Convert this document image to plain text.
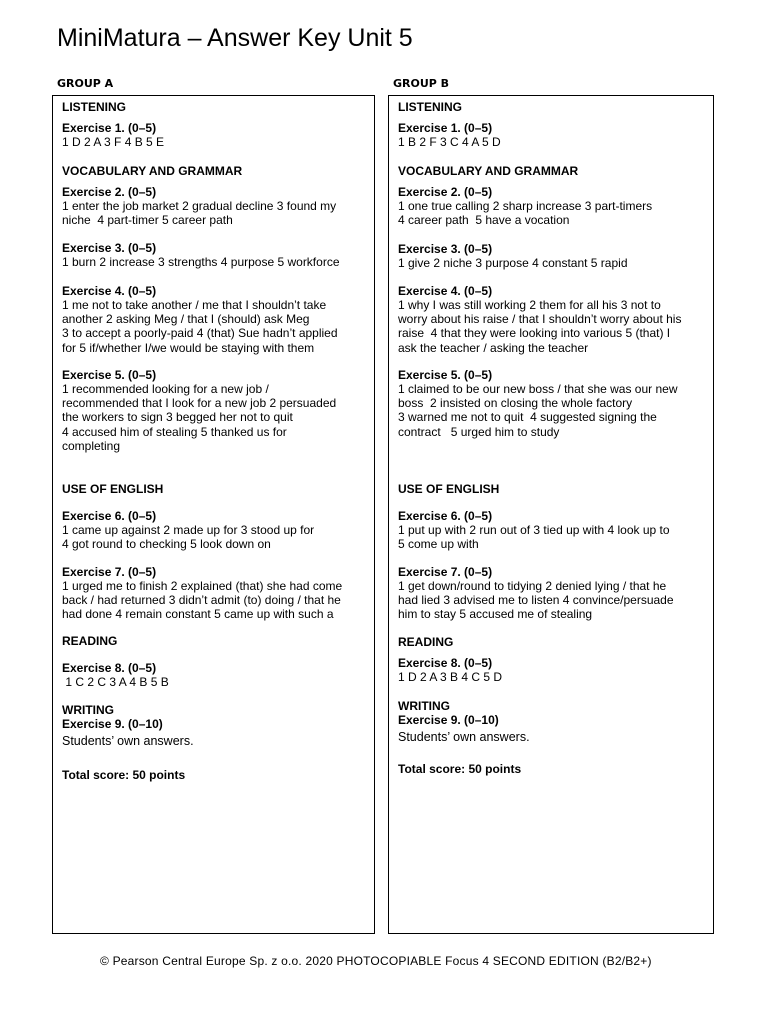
MiniMatura – Answer Key Unit 5
GROUP A	GROUP B
LISTENING
Exercise 1. (0–5)
1 D 2 A 3 F 4 B 5 E
VOCABULARY AND GRAMMAR
Exercise 2. (0–5)
1 enter the job market 2 gradual decline 3 found my
niche  4 part-timer 5 career path
Exercise 3. (0–5)
1 burn 2 increase 3 strengths 4 purpose 5 workforce
Exercise 4. (0–5)
1 me not to take another / me that I shouldn’t take
another 2 asking Meg / that I (should) ask Meg
3 to accept a poorly-paid 4 (that) Sue hadn’t applied
for 5 if/whether I/we would be staying with them
Exercise 5. (0–5)
1 recommended looking for a new job /
recommended that I look for a new job 2 persuaded
the workers to sign 3 begged her not to quit
4 accused him of stealing 5 thanked us for
completing
USE OF ENGLISH
Exercise 6. (0–5)
1 came up against 2 made up for 3 stood up for
4 got round to checking 5 look down on
Exercise 7. (0–5)
1 urged me to finish 2 explained (that) she had come
back / had returned 3 didn’t admit (to) doing / that he
had done 4 remain constant 5 came up with such a
READING
Exercise 8. (0–5)
1 C 2 C 3 A 4 B 5 B
WRITING
Exercise 9. (0–10)
Students’ own answers.
Total score: 50 points
LISTENING
Exercise 1. (0–5)
1 B 2 F 3 C 4 A 5 D
VOCABULARY AND GRAMMAR
Exercise 2. (0–5)
1 one true calling 2 sharp increase 3 part-timers
4 career path  5 have a vocation
Exercise 3. (0–5)
1 give 2 niche 3 purpose 4 constant 5 rapid
Exercise 4. (0–5)
1 why I was still working 2 them for all his 3 not to
worry about his raise / that I shouldn’t worry about his
raise  4 that they were looking into various 5 (that) I
ask the teacher / asking the teacher
Exercise 5. (0–5)
1 claimed to be our new boss / that she was our new
boss  2 insisted on closing the whole factory
3 warned me not to quit  4 suggested signing the
contract   5 urged him to study
USE OF ENGLISH
Exercise 6. (0–5)
1 put up with 2 run out of 3 tied up with 4 look up to
5 come up with
Exercise 7. (0–5)
1 get down/round to tidying 2 denied lying / that he
had lied 3 advised me to listen 4 convince/persuade
him to stay 5 accused me of stealing
READING
Exercise 8. (0–5)
1 D 2 A 3 B 4 C 5 D
WRITING
Exercise 9. (0–10)
Students’ own answers.
Total score: 50 points
© Pearson Central Europe Sp. z o.o. 2020 PHOTOCOPIABLE Focus 4 SECOND EDITION (B2/B2+)
